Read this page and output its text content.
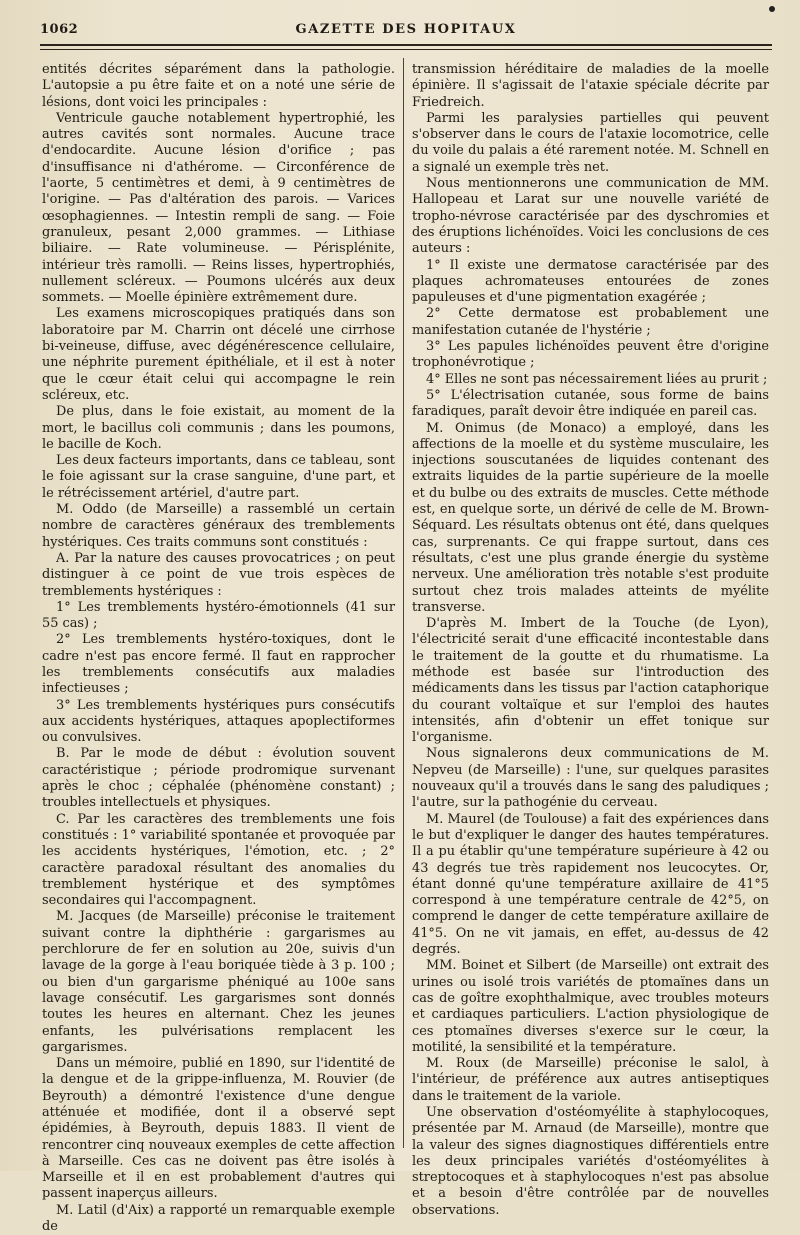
1062	GAZETTE DES HOPITAUX

entités décrites séparément dans la pathologie. L'autopsie a pu être faite et on a noté une série de lésions, dont voici les principales :

Ventricule gauche notablement hypertrophié, les autres cavités sont normales. Aucune trace d'endocardite. Aucune lésion d'orifice ; pas d'insuffisance ni d'athérome. — Circonférence de l'aorte, 5 centimètres et demi, à 9 centimètres de l'origine. — Pas d'altération des parois. — Varices œsophagiennes. — Intestin rempli de sang. — Foie granuleux, pesant 2,000 grammes. — Lithiase biliaire. — Rate volumineuse. — Périsplénite, intérieur très ramolli. — Reins lisses, hypertrophiés, nullement scléreux. — Poumons ulcérés aux deux sommets. — Moelle épinière extrêmement dure.

Les examens microscopiques pratiqués dans son laboratoire par M. Charrin ont décelé une cirrhose bi-veineuse, diffuse, avec dégénérescence cellulaire, une néphrite purement épithéliale, et il est à noter que le cœur était celui qui accompagne le rein scléreux, etc.

De plus, dans le foie existait, au moment de la mort, le bacillus coli communis ; dans les poumons, le bacille de Koch.

Les deux facteurs importants, dans ce tableau, sont le foie agissant sur la crase sanguine, d'une part, et le rétrécissement artériel, d'autre part.

M. Oddo (de Marseille) a rassemblé un certain nombre de caractères généraux des tremblements hystériques. Ces traits communs sont constitués :

A. Par la nature des causes provocatrices ; on peut distinguer à ce point de vue trois espèces de tremblements hystériques :

1° Les tremblements hystéro-émotionnels (41 sur 55 cas) ;

2° Les tremblements hystéro-toxiques, dont le cadre n'est pas encore fermé. Il faut en rapprocher les tremblements consécutifs aux maladies infectieuses ;

3° Les tremblements hystériques purs consécutifs aux accidents hystériques, attaques apoplectiformes ou convulsives.

B. Par le mode de début : évolution souvent caractéristique ; période prodromique survenant après le choc ; céphalée (phénomène constant) ; troubles intellectuels et physiques.

C. Par les caractères des tremblements une fois constitués : 1° variabilité spontanée et provoquée par les accidents hystériques, l'émotion, etc. ; 2° caractère paradoxal résultant des anomalies du tremblement hystérique et des symptômes secondaires qui l'accompagnent.

M. Jacques (de Marseille) préconise le traitement suivant contre la diphthérie : gargarismes au perchlorure de fer en solution au 20e, suivis d'un lavage de la gorge à l'eau boriquée tiède à 3 p. 100 ; ou bien d'un gargarisme phéniqué au 100e sans lavage consécutif. Les gargarismes sont donnés toutes les heures en alternant. Chez les jeunes enfants, les pulvérisations remplacent les gargarismes.

Dans un mémoire, publié en 1890, sur l'identité de la dengue et de la grippe-influenza, M. Rouvier (de Beyrouth) a démontré l'existence d'une dengue atténuée et modifiée, dont il a observé sept épidémies, à Beyrouth, depuis 1883. Il vient de rencontrer cinq nouveaux exemples de cette affection à Marseille. Ces cas ne doivent pas être isolés à Marseille et il en est probablement d'autres qui passent inaperçus ailleurs.

M. Latil (d'Aix) a rapporté un remarquable exemple de

transmission héréditaire de maladies de la moelle épinière. Il s'agissait de l'ataxie spéciale décrite par Friedreich.

Parmi les paralysies partielles qui peuvent s'observer dans le cours de l'ataxie locomotrice, celle du voile du palais a été rarement notée. M. Schnell en a signalé un exemple très net.

Nous mentionnerons une communication de MM. Hallopeau et Larat sur une nouvelle variété de tropho-névrose caractérisée par des dyschromies et des éruptions lichénoïdes. Voici les conclusions de ces auteurs :

1° Il existe une dermatose caractérisée par des plaques achromateuses entourées de zones papuleuses et d'une pigmentation exagérée ;

2° Cette dermatose est probablement une manifestation cutanée de l'hystérie ;

3° Les papules lichénoïdes peuvent être d'origine trophonévrotique ;

4° Elles ne sont pas nécessairement liées au prurit ;

5° L'électrisation cutanée, sous forme de bains faradiques, paraît devoir être indiquée en pareil cas.

M. Onimus (de Monaco) a employé, dans les affections de la moelle et du système musculaire, les injections souscutanées de liquides contenant des extraits liquides de la partie supérieure de la moelle et du bulbe ou des extraits de muscles. Cette méthode est, en quelque sorte, un dérivé de celle de M. Brown-Séquard. Les résultats obtenus ont été, dans quelques cas, surprenants. Ce qui frappe surtout, dans ces résultats, c'est une plus grande énergie du système nerveux. Une amélioration très notable s'est produite surtout chez trois malades atteints de myélite transverse.

D'après M. Imbert de la Touche (de Lyon), l'électricité serait d'une efficacité incontestable dans le traitement de la goutte et du rhumatisme. La méthode est basée sur l'introduction des médicaments dans les tissus par l'action cataphorique du courant voltaïque et sur l'emploi des hautes intensités, afin d'obtenir un effet tonique sur l'organisme.

Nous signalerons deux communications de M. Nepveu (de Marseille) : l'une, sur quelques parasites nouveaux qu'il a trouvés dans le sang des paludiques ; l'autre, sur la pathogénie du cerveau.

M. Maurel (de Toulouse) a fait des expériences dans le but d'expliquer le danger des hautes températures. Il a pu établir qu'une température supérieure à 42 ou 43 degrés tue très rapidement nos leucocytes. Or, étant donné qu'une température axillaire de 41°5 correspond à une température centrale de 42°5, on comprend le danger de cette température axillaire de 41°5. On ne vit jamais, en effet, au-dessus de 42 degrés.

MM. Boinet et Silbert (de Marseille) ont extrait des urines ou isolé trois variétés de ptomaïnes dans un cas de goître exophthalmique, avec troubles moteurs et cardiaques particuliers. L'action physiologique de ces ptomaïnes diverses s'exerce sur le cœur, la motilité, la sensibilité et la température.

M. Roux (de Marseille) préconise le salol, à l'intérieur, de préférence aux autres antiseptiques dans le traitement de la variole.

Une observation d'ostéomyélite à staphylocoques, présentée par M. Arnaud (de Marseille), montre que la valeur des signes diagnostiques différentiels entre les deux principales variétés d'ostéomyélites à streptocoques et à staphylocoques n'est pas absolue et a besoin d'être contrôlée par de nouvelles observations.
